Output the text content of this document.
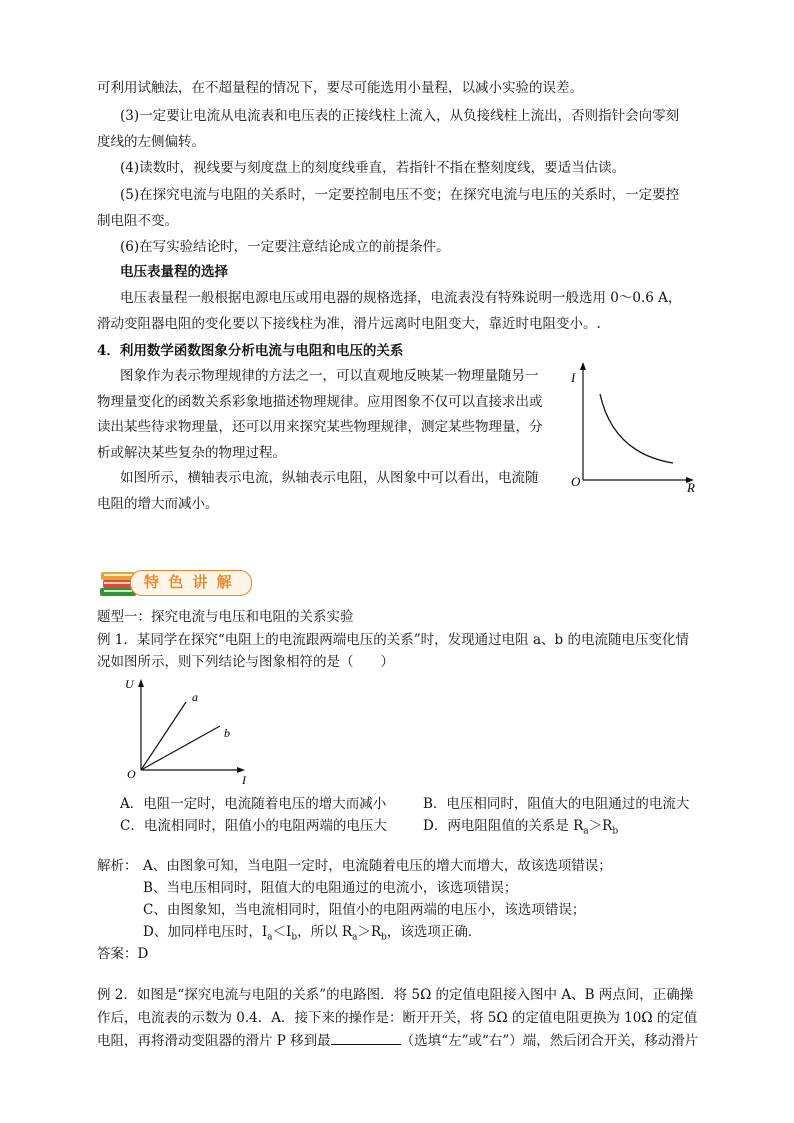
可利用试触法，在不超量程的情况下，要尽可能选用小量程，以减小实验的误差。
(3)一定要让电流从电流表和电压表的正接线柱上流入，从负接线柱上流出，否则指针会向零刻
度线的左侧偏转。
(4)读数时，视线要与刻度盘上的刻度线垂直，若指针不指在整刻度线，要适当估读。
(5)在探究电流与电阻的关系时，一定要控制电压不变；在探究电流与电压的关系时，一定要控
制电阻不变。
(6)在写实验结论时，一定要注意结论成立的前提条件。
电压表量程的选择
电压表量程一般根据电源电压或用电器的规格选择，电流表没有特殊说明一般选用 0～0.6 A，
滑动变阻器电阻的变化要以下接线柱为准，滑片远离时电阻变大，靠近时电阻变小。.
4．利用数学函数图象分析电流与电阻和电压的关系
图象作为表示物理规律的方法之一，可以直观地反映某一物理量随另一
物理量变化的函数关系彩象地描述物理规律。应用图象不仅可以直接求出或
读出某些待求物理量，还可以用来探究某些物理规律，测定某些物理量，分
析或解决某些复杂的物理过程。
如图所示，横轴表示电流，纵轴表示电阻，从图象中可以看出，电流随
电阻的增大而减小。
I
O	R
特 色 讲 解
题型一：探究电流与电压和电阻的关系实验
例 1．某同学在探究“电阻上的电流跟两端电压的关系”时，发现通过电阻 a、b 的电流随电压变化情
况如图所示，则下列结论与图象相符的是（　　）
U
a
b
O	I
A．电阻一定时，电流随着电压的增大而减小	B．电压相同时，阻值大的电阻通过的电流大
C．电流相同时，阻值小的电阻两端的电压大	D．两电阻阻值的关系是 $R_a>R_b$
解析： A、由图象可知，当电阻一定时，电流随着电压的增大而增大，故该选项错误；
B、当电压相同时，阻值大的电阻通过的电流小，该选项错误；
C、由图象知，当电流相同时，阻值小的电阻两端的电压小，该选项错误；
D、加同样电压时，$I_a<I_b$，所以 $R_a>R_b$，该选项正确．
答案：D
例 2．如图是“探究电流与电阻的关系”的电路图．将 5Ω 的定值电阻接入图中 A、B 两点间，正确操
作后，电流表的示数为 0.4．A．接下来的操作是：断开开关，将 5Ω 的定值电阻更换为 10Ω 的定值
电阻，再将滑动变阻器的滑片 P 移到最	（选填“左”或“右”）端，然后闭合开关，移动滑片
